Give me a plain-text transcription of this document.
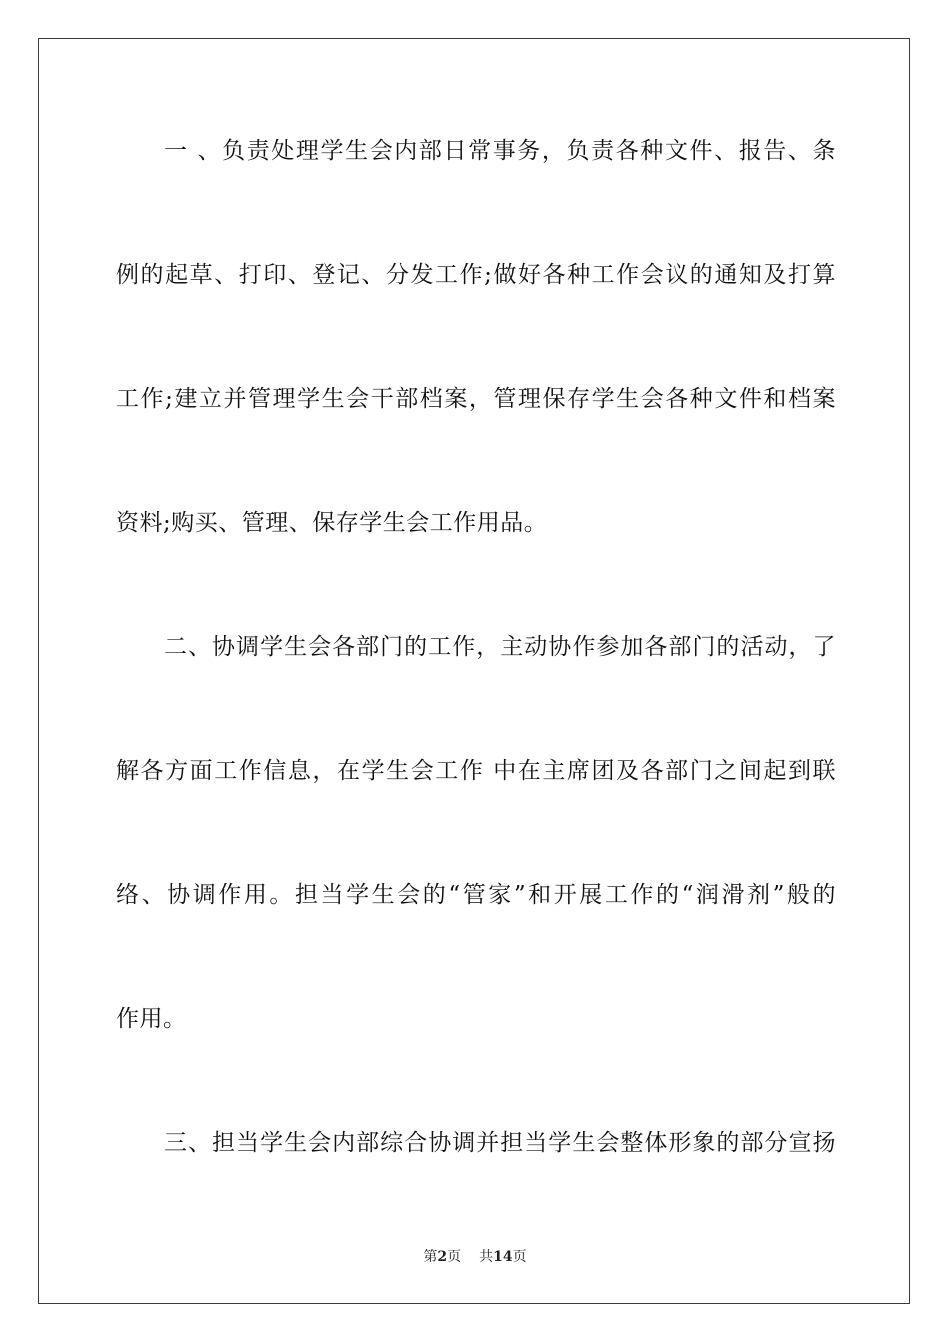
一 、负责处理学生会内部日常事务，负责各种文件、报告、条
例的起草、打印、登记、分发工作;做好各种工作会议的通知及打算
工作;建立并管理学生会干部档案，管理保存学生会各种文件和档案
资料;购买、管理、保存学生会工作用品。
二、协调学生会各部门的工作，主动协作参加各部门的活动，了
解各方面工作信息，在学生会工作 中在主席团及各部门之间起到联
络、协调作用。担当学生会的“管家”和开展工作的“润滑剂”般的
作用。
三、担当学生会内部综合协调并担当学生会整体形象的部分宣扬
第2页 共14页
